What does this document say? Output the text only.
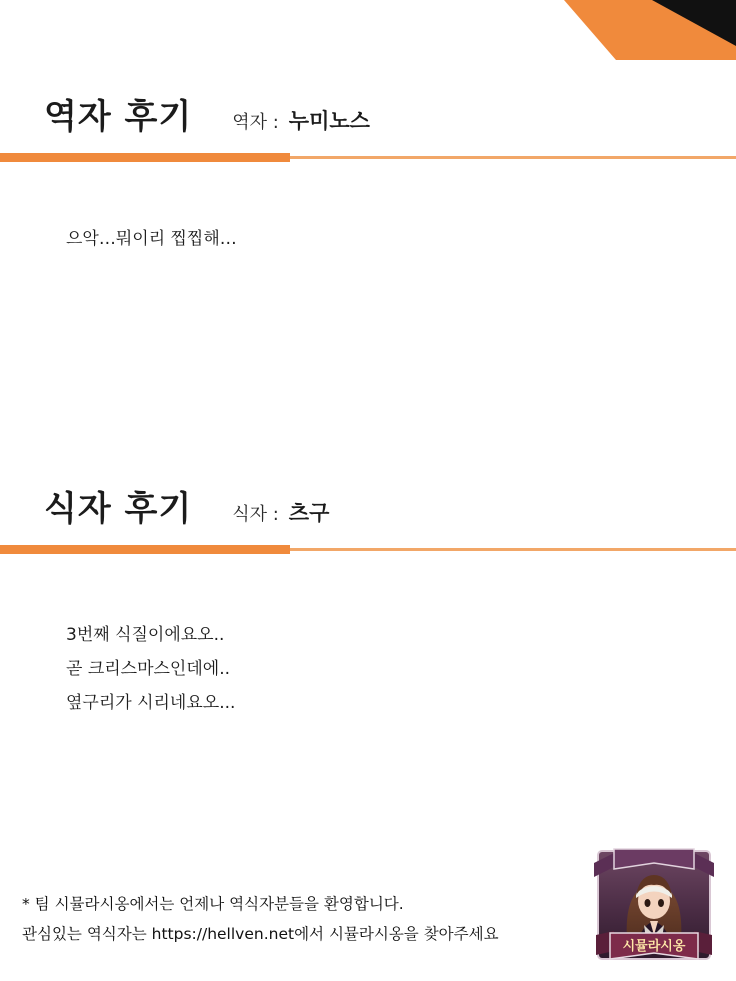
역자 후기 역자 : 누미노스
으악…뭐이리 찝찝해…
식자 후기 식자 : 츠구
3번째 식질이에요오..
곧 크리스마스인데에..
옆구리가 시리네요오...
* 팀 시뮬라시옹에서는 언제나 역식자분들을 환영합니다.
관심있는 역식자는 https://hellven.net에서 시뮬라시옹을 찾아주세요
시뮬라시옹
